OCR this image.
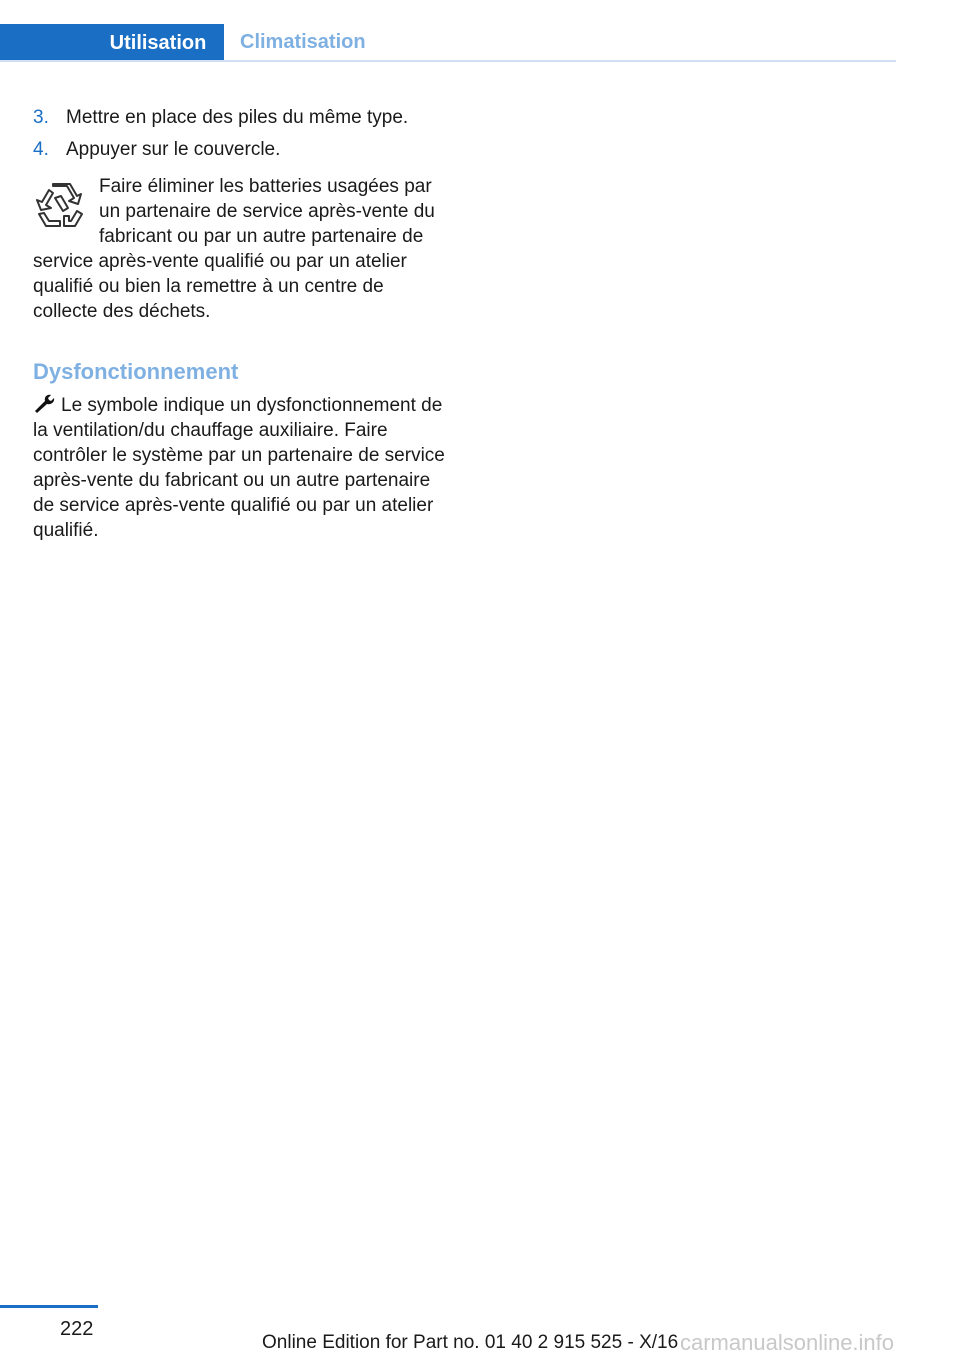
Utilisation	Climatisation
3. Mettre en place des piles du même type.
4. Appuyer sur le couvercle.
Faire éliminer les batteries usagées par un partenaire de service après-vente du fabricant ou par un autre partenaire de service après-vente qualifié ou par un atelier qualifié ou bien la remettre à un centre de collecte des déchets.
Dysfonctionnement
Le symbole indique un dysfonctionnement de la ventilation/du chauffage auxiliaire. Faire contrôler le système par un partenaire de service après-vente du fabricant ou un autre partenaire de service après-vente qualifié ou par un atelier qualifié.
222
Online Edition for Part no. 01 40 2 915 525 - X/16 carmanualsonline.info
